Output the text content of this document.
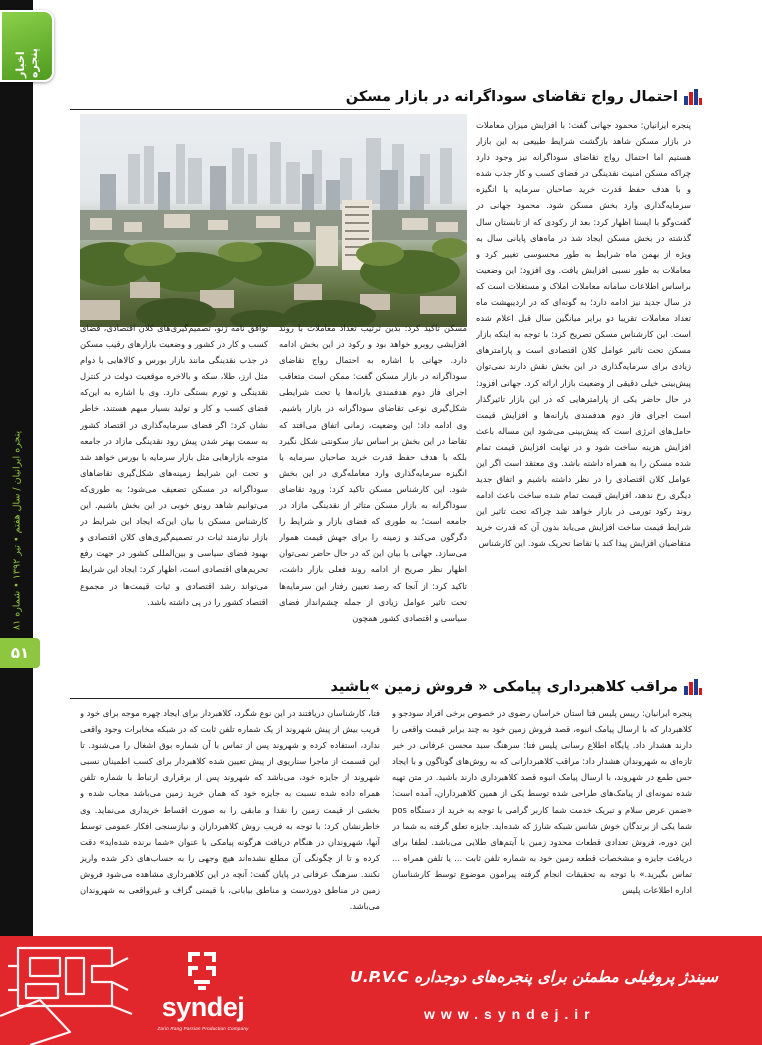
اخبار پنجره
پنجره ایرانیان / سال هفتم • تیر ۱۳۹۲ • شماره ۸۱
۵۱
احتمال رواج تقاضای سوداگرانه در بازار مسکن
پنجره ایرانیان: محمود جهانی گفت: با افزایش میزان معاملات در بازار مسکن شاهد بازگشت شرایط طبیعی به این بازار هستیم اما احتمال رواج تقاضای سوداگرانه نیز وجود دارد چراکه مسکن امنیت نقدینگی در فضای کسب و کار جذب شده و با هدف حفظ قدرت خرید صاحبان سرمایه یا انگیزه سرمایه‌گذاری وارد بخش مسکن شود. محمود جهانی در گفت‌وگو با ایسنا اظهار کرد: بعد از رکودی که از تابستان سال گذشته در بخش مسکن ایجاد شد در ماه‌های پایانی سال به ویژه از بهمن ماه شرایط به طور محسوسی تغییر کرد و معاملات به طور نسبی افزایش یافت. وی افزود: این وضعیت براساس اطلاعات سامانه معاملات املاک و مستغلات است که در سال جدید نیز ادامه دارد؛ به گونه‌ای که در اردیبهشت ماه تعداد معاملات تقریبا دو برابر میانگین سال قبل اعلام شده است. این کارشناس مسکن تصریح کرد: با توجه به اینکه بازار مسکن تحت تاثیر عوامل کلان اقتصادی است و پارامترهای زیادی برای سرمایه‌گذاری در این بخش نقش دارند نمی‌توان پیش‌بینی خیلی دقیقی از وضعیت بازار ارائه کرد. جهانی افزود: در حال حاضر یکی از پارامترهایی که در این بازار تاثیرگذار است اجرای فاز دوم هدفمندی یارانه‌ها و افزایش قیمت حامل‌های انرژی است که پیش‌بینی می‌شود این مساله باعث افزایش هزینه ساخت شود و در نهایت افزایش قیمت تمام شده مسکن را به همراه داشته باشد. وی معتقد است اگر این عوامل کلان اقتصادی را در نظر داشته باشیم و اتفاق جدید دیگری رخ ندهد، افزایش قیمت تمام شده ساخت باعث ادامه روند رکود تورمی در بازار خواهد شد چراکه تحت تاثیر این شرایط قیمت ساخت افزایش می‌یابد بدون آن که قدرت خرید متقاضیان افزایش پیدا کند یا تقاضا تحریک شود. این کارشناس
مسکن تاکید کرد: بدین ترتیب تعداد معاملات با روند افزایشی روبرو خواهد بود و رکود در این بخش ادامه دارد. جهانی با اشاره به احتمال رواج تقاضای سوداگرانه در بازار مسکن گفت: ممکن است متعاقب اجرای فاز دوم هدفمندی یارانه‌ها یا تحت شرایطی شکل‌گیری نوعی تقاضای سوداگرانه در بازار باشیم. وی ادامه داد: این وضعیت، زمانی اتفاق می‌افتد که تقاضا در این بخش بر اساس نیاز سکونتی شکل نگیرد بلکه با هدف حفظ قدرت خرید صاحبان سرمایه یا انگیزه سرمایه‌گذاری وارد معامله‌گری در این بخش شود. این کارشناس مسکن تاکید کرد: ورود تقاضای سوداگرانه به بازار مسکن متاثر از نقدینگی مازاد در جامعه است؛ به طوری که فضای بازار و شرایط را دگرگون می‌کند و زمینه را برای جهش قیمت هموار می‌سازد. جهانی با بیان این که در حال حاضر نمی‌توان اظهار نظر صریح از ادامه روند فعلی بازار داشت، تاکید کرد: از آنجا که رصد تعیین رفتار این سرمایه‌ها تحت تاثیر عوامل زیادی از جمله چشم‌انداز فضای سیاسی و اقتصادی کشور همچون
توافق نامه ژنو، تصمیم‌گیری‌های کلان اقتصادی، فضای کسب و کار در کشور و وضعیت بازارهای رقیب مسکن در جذب نقدینگی مانند بازار بورس و کالاهایی با دوام مثل ارز، طلا، سکه و بالاخره موقعیت دولت در کنترل نقدینگی و تورم بستگی دارد. وی با اشاره به این‌که فضای کسب و کار و تولید بسیار مبهم هستند، خاطر نشان کرد: اگر فضای سرمایه‌گذاری در اقتصاد کشور به سمت بهتر شدن پیش رود نقدینگی مازاد در جامعه متوجه بازارهایی مثل بازار سرمایه یا بورس خواهد شد و تحت این شرایط زمینه‌های شکل‌گیری تقاضاهای سوداگرانه در مسکن تضعیف می‌شود؛ به طوری‌که می‌توانیم شاهد رونق خوبی در این بخش باشیم. این کارشناس مسکن با بیان این‌که ایجاد این شرایط در بازار نیازمند ثبات در تصمیم‌گیری‌های کلان اقتصادی و بهبود فضای سیاسی و بین‌المللی کشور در جهت رفع تحریم‌های اقتصادی است، اظهار کرد: ایجاد این شرایط می‌تواند رشد اقتصادی و ثبات قیمت‌ها در مجموع اقتصاد کشور را در پی داشته باشد.
مراقب کلاهبرداری پیامکی « فروش زمین »باشید
پنجره ایرانیان: رییس پلیس فتا استان خراسان رضوی در خصوص برخی افراد سودجو و کلاهبردار که با ارسال پیامک انبوه، قصد فروش زمین خود به چند برابر قیمت واقعی را دارند هشدار داد. پایگاه اطلاع رسانی پلیس فتا: سرهنگ سید محسن عرفانی در خبر تازه‌ای به شهروندان هشدار داد: مراقب کلاهبردارانی که به روش‌های گوناگون و با ایجاد حس طمع در شهروند، با ارسال پیامک انبوه قصد کلاهبرداری دارند باشید. در متن تهیه شده نمونه‌ای از پیامک‌های طراحی شده توسط یکی از همین کلاهبرداران، آمده است: «ضمن عرض سلام و تبریک خدمت شما کاربر گرامی با توجه به خرید از دستگاه pos شما یکی از برندگان خوش شانس شبکه شارژ که شده‌اید. جایزه تعلق گرفته به شما در این دوره، فروش تعدادی قطعات محدود زمین با آیتم‌های طلایی می‌باشد. لطفا برای دریافت جایزه و مشخصات قطعه زمین خود به شماره تلفن ثابت ... یا تلفن همراه ... تماس بگیرید.» با توجه به تحقیقات انجام گرفته پیرامون موضوع توسط کارشناسان اداره اطلاعات پلیس
فتا، کارشناسان دریافتند در این نوع شگرد، کلاهبردار برای ایجاد چهره موجه برای خود و فریب بیش از پیش شهروند از یک شماره تلفن ثابت که در شبکه مخابرات وجود واقعی ندارد، استفاده کرده و شهروند پس از تماس با آن شماره بوق اشغال را می‌شنود. تا این قسمت از ماجرا سناریوی از پیش تعیین شده کلاهبردار برای کسب اطمینان نسبی شهروند از جایزه خود، می‌باشد که شهروند پس از برقراری ارتباط با شماره تلفن همراه داده شده نسبت به جایزه خود که همان خرید زمین می‌باشد مجاب شده و بخشی از قیمت زمین را نقدا و مابقی را به صورت اقساط خریداری می‌نماید. وی خاطرنشان کرد: با توجه به فریب روش کلاهبرداران و نیازسنجی افکار عمومی توسط آنها، شهروندان در هنگام دریافت هرگونه پیامکی با عنوان «شما برنده شده‌اید» دقت کرده و تا از چگونگی آن مطلع نشده‌اند هیچ وجهی را به حساب‌های ذکر شده واریز نکنند. سرهنگ عرفانی در پایان گفت: آنچه در این کلاهبرداری مشاهده می‌شود فروش زمین در مناطق دوردست و مناطق بیابانی، با قیمتی گزاف و غیرواقعی به شهروندان می‌باشد.
syndej
Zarin Rang Parsian Production Company
سیندژ پروفیلی مطمئن برای پنجره‌های دوجداره U.P.V.C
www.syndej.ir
